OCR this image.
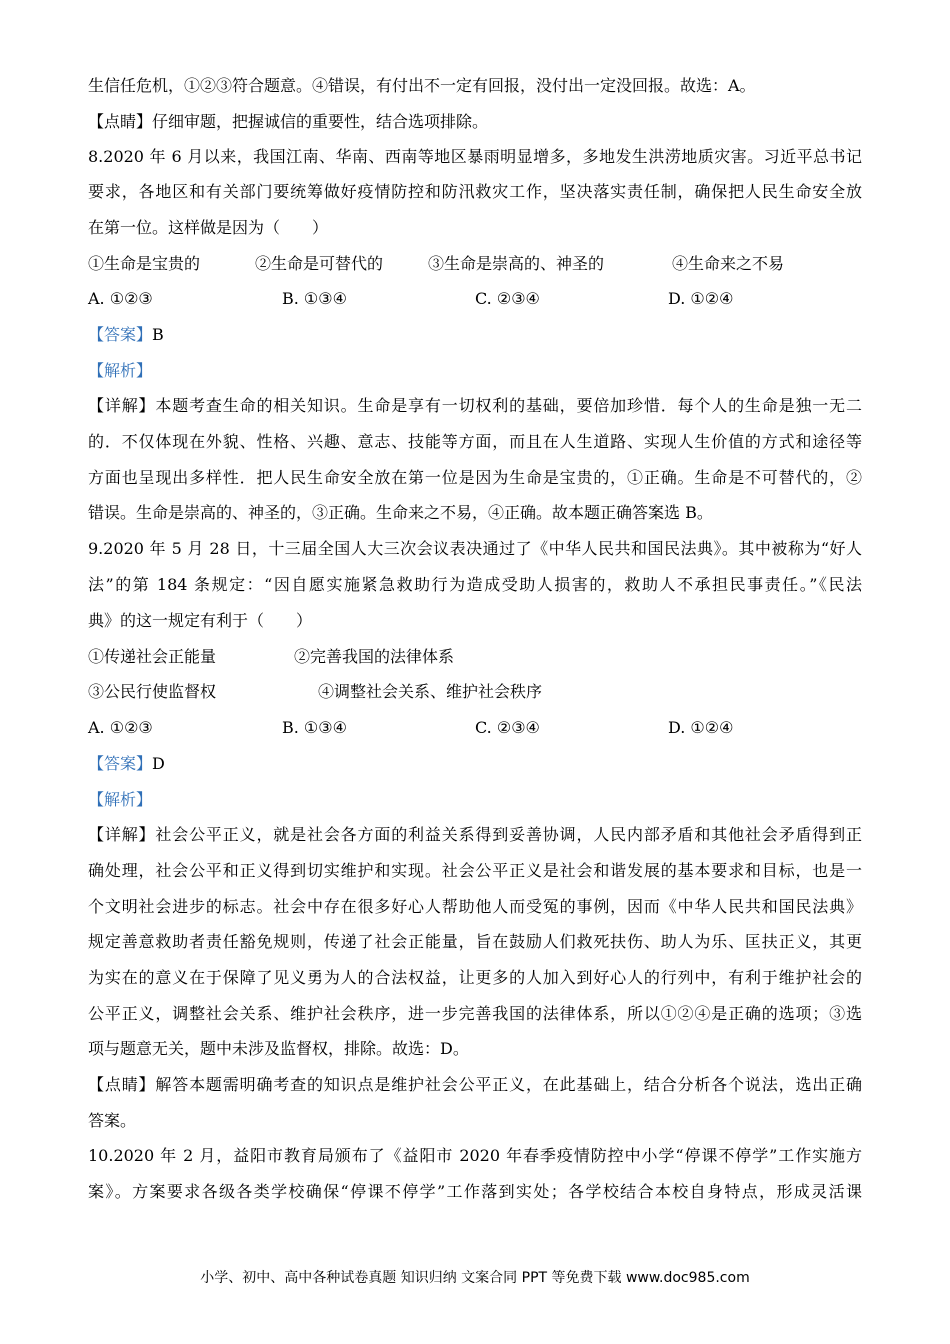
生信任危机，①②③符合题意。④错误，有付出不一定有回报，没付出一定没回报。故选：A。
【点睛】仔细审题，把握诚信的重要性，结合选项排除。
8.2020 年 6 月以来，我国江南、华南、西南等地区暴雨明显增多，多地发生洪涝地质灾害。习近平总书记
要求，各地区和有关部门要统筹做好疫情防控和防汛救灾工作，坚决落实责任制，确保把人民生命安全放
在第一位。这样做是因为（　　）
①生命是宝贵的	②生命是可替代的	③生命是崇高的、神圣的	④生命来之不易
A. ①②③	B. ①③④	C. ②③④	D. ①②④
【答案】B
【解析】
【详解】本题考查生命的相关知识。生命是享有一切权利的基础，要倍加珍惜．每个人的生命是独一无二
的．不仅体现在外貌、性格、兴趣、意志、技能等方面，而且在人生道路、实现人生价值的方式和途径等
方面也呈现出多样性．把人民生命安全放在第一位是因为生命是宝贵的，①正确。生命是不可替代的，②
错误。生命是崇高的、神圣的，③正确。生命来之不易，④正确。故本题正确答案选 B。
9.2020 年 5 月 28 日，十三届全国人大三次会议表决通过了《中华人民共和国民法典》。其中被称为“好人
法”的第 184 条规定：“因自愿实施紧急救助行为造成受助人损害的，救助人不承担民事责任。”《民法
典》的这一规定有利于（　　）
①传递社会正能量	②完善我国的法律体系
③公民行使监督权	④调整社会关系、维护社会秩序
A. ①②③	B. ①③④	C. ②③④	D. ①②④
【答案】D
【解析】
【详解】社会公平正义，就是社会各方面的利益关系得到妥善协调，人民内部矛盾和其他社会矛盾得到正
确处理，社会公平和正义得到切实维护和实现。社会公平正义是社会和谐发展的基本要求和目标，也是一
个文明社会进步的标志。社会中存在很多好心人帮助他人而受冤的事例，因而《中华人民共和国民法典》
规定善意救助者责任豁免规则，传递了社会正能量，旨在鼓励人们救死扶伤、助人为乐、匡扶正义，其更
为实在的意义在于保障了见义勇为人的合法权益，让更多的人加入到好心人的行列中，有利于维护社会的
公平正义，调整社会关系、维护社会秩序，进一步完善我国的法律体系，所以①②④是正确的选项；③选
项与题意无关，题中未涉及监督权，排除。故选：D。
【点睛】解答本题需明确考查的知识点是维护社会公平正义，在此基础上，结合分析各个说法，选出正确
答案。
10.2020 年 2 月，益阳市教育局颁布了《益阳市 2020 年春季疫情防控中小学“停课不停学”工作实施方
案》。方案要求各级各类学校确保“停课不停学”工作落到实处；各学校结合本校自身特点，形成灵活课
小学、初中、高中各种试卷真题 知识归纳 文案合同 PPT 等免费下载 www.doc985.com
